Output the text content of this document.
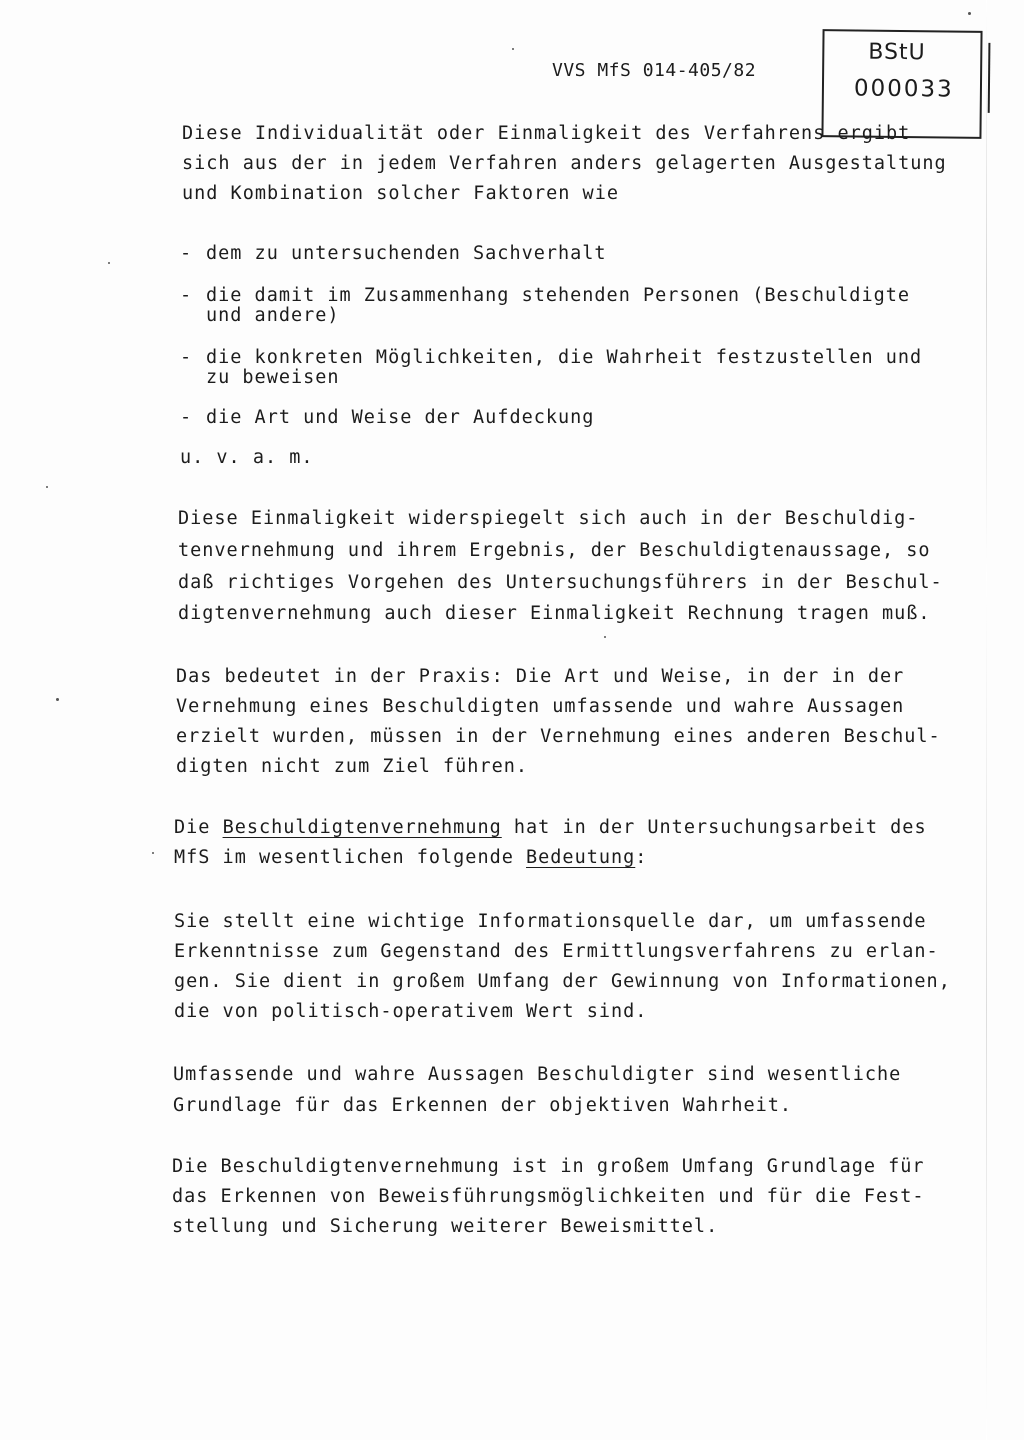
VVS MfS 014-405/82
BStU
000033
Diese Individualität oder Einmaligkeit des Verfahrens ergibt
sich aus der in jedem Verfahren anders gelagerten Ausgestaltung
und Kombination solcher Faktoren wie
- dem zu untersuchenden Sachverhalt
- die damit im Zusammenhang stehenden Personen (Beschuldigte
und andere)
- die konkreten Möglichkeiten, die Wahrheit festzustellen und
zu beweisen
- die Art und Weise der Aufdeckung
u. v. a. m.
Diese Einmaligkeit widerspiegelt sich auch in der Beschuldig-
tenvernehmung und ihrem Ergebnis, der Beschuldigtenaussage, so
daß richtiges Vorgehen des Untersuchungsführers in der Beschul-
digtenvernehmung auch dieser Einmaligkeit Rechnung tragen muß.
Das bedeutet in der Praxis: Die Art und Weise, in der in der
Vernehmung eines Beschuldigten umfassende und wahre Aussagen
erzielt wurden, müssen in der Vernehmung eines anderen Beschul-
digten nicht zum Ziel führen.
Die Beschuldigtenvernehmung hat in der Untersuchungsarbeit des
MfS im wesentlichen folgende Bedeutung:
Sie stellt eine wichtige Informationsquelle dar, um umfassende
Erkenntnisse zum Gegenstand des Ermittlungsverfahrens zu erlan-
gen. Sie dient in großem Umfang der Gewinnung von Informationen,
die von politisch-operativem Wert sind.
Umfassende und wahre Aussagen Beschuldigter sind wesentliche
Grundlage für das Erkennen der objektiven Wahrheit.
Die Beschuldigtenvernehmung ist in großem Umfang Grundlage für
das Erkennen von Beweisführungsmöglichkeiten und für die Fest-
stellung und Sicherung weiterer Beweismittel.
